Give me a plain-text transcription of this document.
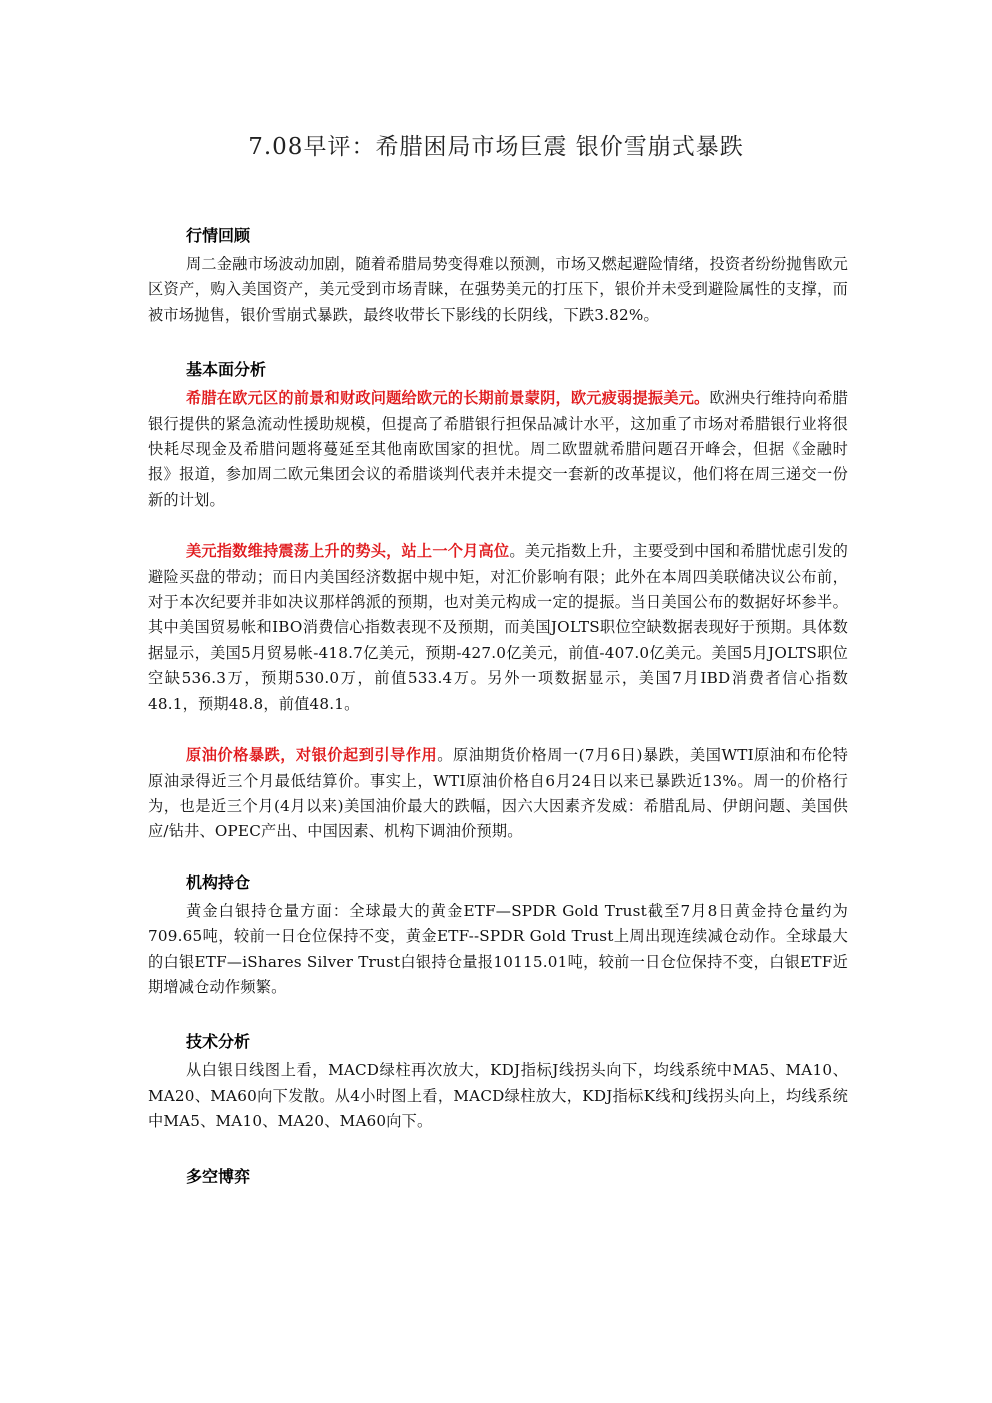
7.08早评：希腊困局市场巨震 银价雪崩式暴跌
行情回顾

周二金融市场波动加剧，随着希腊局势变得难以预测，市场又燃起避险情绪，投资者纷纷抛售欧元区资产，购入美国资产，美元受到市场青睐，在强势美元的打压下，银价并未受到避险属性的支撑，而被市场抛售，银价雪崩式暴跌，最终收带长下影线的长阴线，下跌3.82%。

基本面分析

希腊在欧元区的前景和财政问题给欧元的长期前景蒙阴，欧元疲弱提振美元。欧洲央行维持向希腊银行提供的紧急流动性援助规模，但提高了希腊银行担保品减计水平，这加重了市场对希腊银行业将很快耗尽现金及希腊问题将蔓延至其他南欧国家的担忧。周二欧盟就希腊问题召开峰会，但据《金融时报》报道，参加周二欧元集团会议的希腊谈判代表并未提交一套新的改革提议，他们将在周三递交一份新的计划。

美元指数维持震荡上升的势头，站上一个月高位。美元指数上升，主要受到中国和希腊忧虑引发的避险买盘的带动；而日内美国经济数据中规中矩，对汇价影响有限；此外在本周四美联储决议公布前，对于本次纪要并非如决议那样鸽派的预期，也对美元构成一定的提振。当日美国公布的数据好坏参半。其中美国贸易帐和IBO消费信心指数表现不及预期，而美国JOLTS职位空缺数据表现好于预期。具体数据显示，美国5月贸易帐-418.7亿美元，预期-427.0亿美元，前值-407.0亿美元。美国5月JOLTS职位空缺536.3万，预期530.0万，前值533.4万。另外一项数据显示，美国7月IBD消费者信心指数48.1，预期48.8，前值48.1。

原油价格暴跌，对银价起到引导作用。原油期货价格周一(7月6日)暴跌，美国WTI原油和布伦特原油录得近三个月最低结算价。事实上，WTI原油价格自6月24日以来已暴跌近13%。周一的价格行为，也是近三个月(4月以来)美国油价最大的跌幅，因六大因素齐发威：希腊乱局、伊朗问题、美国供应/钻井、OPEC产出、中国因素、机构下调油价预期。

机构持仓

黄金白银持仓量方面：全球最大的黄金ETF—SPDR Gold Trust截至7月8日黄金持仓量约为709.65吨，较前一日仓位保持不变，黄金ETF--SPDR Gold Trust上周出现连续减仓动作。全球最大的白银ETF—iShares Silver Trust白银持仓量报10115.01吨，较前一日仓位保持不变，白银ETF近期增减仓动作频繁。

技术分析

从白银日线图上看，MACD绿柱再次放大，KDJ指标J线拐头向下，均线系统中MA5、MA10、MA20、MA60向下发散。从4小时图上看，MACD绿柱放大，KDJ指标K线和J线拐头向上，均线系统中MA5、MA10、MA20、MA60向下。

多空博弈
